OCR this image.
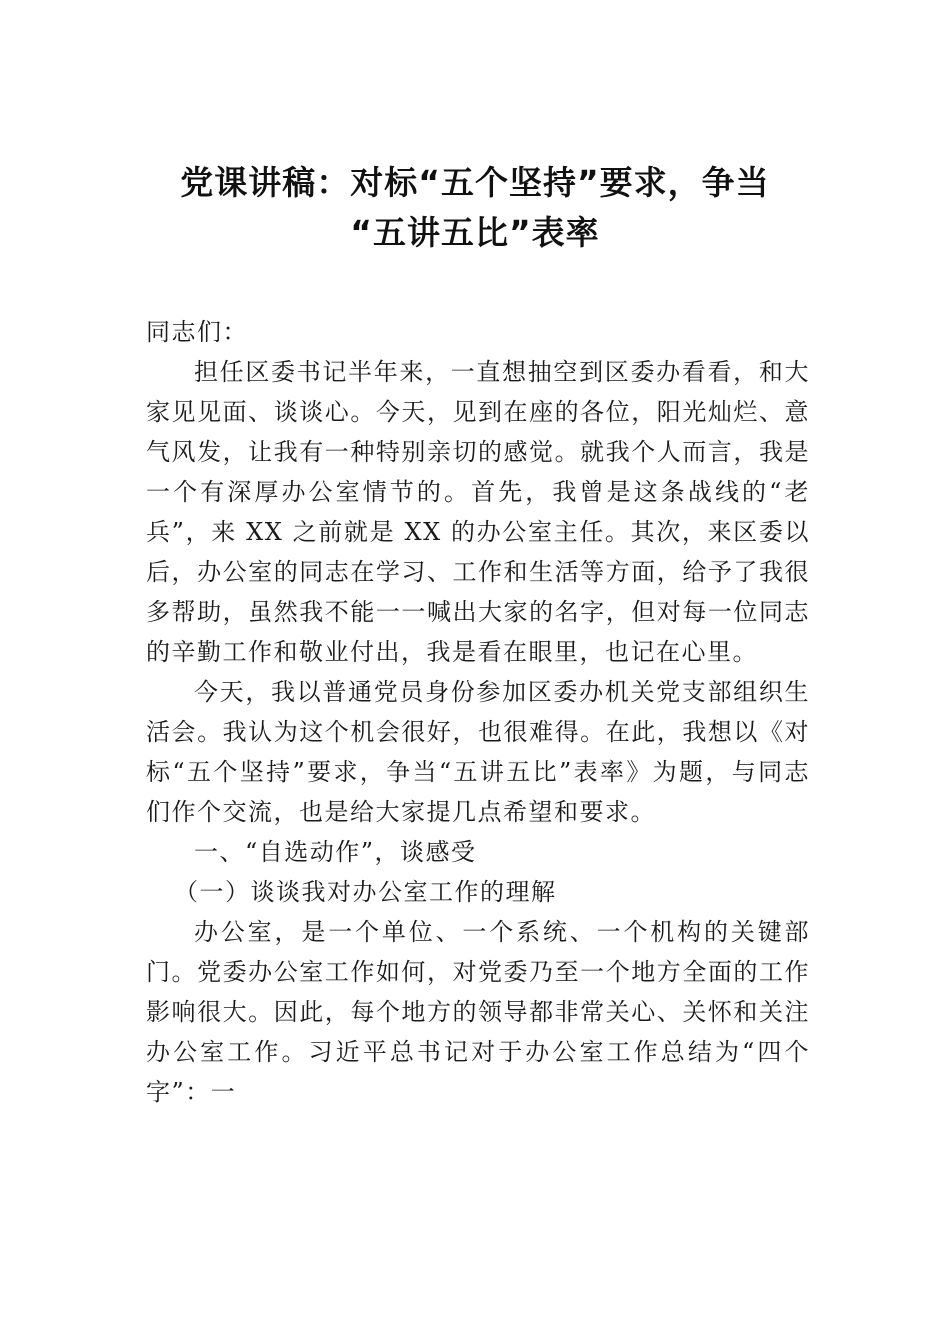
党课讲稿：对标“五个坚持”要求，争当
“五讲五比”表率

同志们：

担任区委书记半年来，一直想抽空到区委办看看，和大家见见面、谈谈心。今天，见到在座的各位，阳光灿烂、意气风发，让我有一种特别亲切的感觉。就我个人而言，我是一个有深厚办公室情节的。首先，我曾是这条战线的“老兵”，来 XX 之前就是 XX 的办公室主任。其次，来区委以后，办公室的同志在学习、工作和生活等方面，给予了我很多帮助，虽然我不能一一喊出大家的名字，但对每一位同志的辛勤工作和敬业付出，我是看在眼里，也记在心里。

今天，我以普通党员身份参加区委办机关党支部组织生活会。我认为这个机会很好，也很难得。在此，我想以《对标“五个坚持”要求，争当“五讲五比”表率》为题，与同志们作个交流，也是给大家提几点希望和要求。

一、“自选动作”，谈感受

（一）谈谈我对办公室工作的理解

办公室，是一个单位、一个系统、一个机构的关键部门。党委办公室工作如何，对党委乃至一个地方全面的工作影响很大。因此，每个地方的领导都非常关心、关怀和关注办公室工作。习近平总书记对于办公室工作总结为“四个字”：一
